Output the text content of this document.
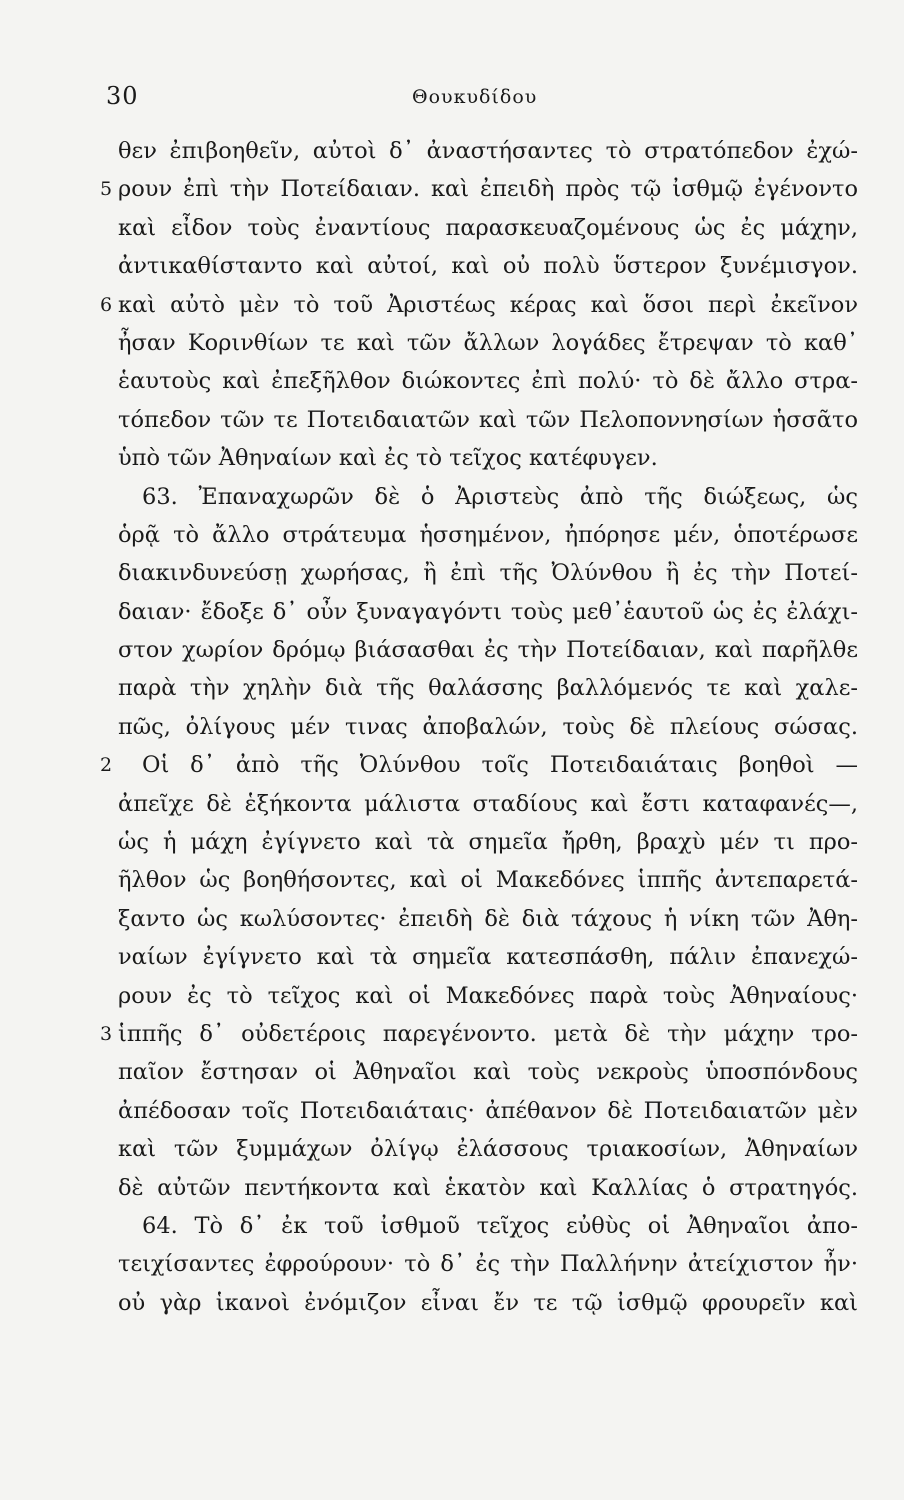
30	Θουκυδίδου
θεν ἐπιβοηθεῖν, αὐτοὶ δ᾽ ἀναστήσαντες τὸ στρατόπεδον ἐχώ-
ρουν ἐπὶ τὴν Ποτείδαιαν. καὶ ἐπειδὴ πρὸς τῷ ἰσθμῷ ἐγένοντο
καὶ εἶδον τοὺς ἐναντίους παρασκευαζομένους ὡς ἐς μάχην,
ἀντικαθίσταντο καὶ αὐτοί, καὶ οὐ πολὺ ὕστερον ξυνέμισγον.
καὶ αὐτὸ μὲν τὸ τοῦ Ἀριστέως κέρας καὶ ὅσοι περὶ ἐκεῖνον
ἦσαν Κορινθίων τε καὶ τῶν ἄλλων λογάδες ἔτρεψαν τὸ καθ᾽
ἑαυτοὺς καὶ ἐπεξῆλθον διώκοντες ἐπὶ πολύ· τὸ δὲ ἄλλο στρα-
τόπεδον τῶν τε Ποτειδαιατῶν καὶ τῶν Πελοποννησίων ἡσσᾶτο
ὑπὸ τῶν Ἀθηναίων καὶ ἐς τὸ τεῖχος κατέφυγεν.
63. Ἐπαναχωρῶν δὲ ὁ Ἀριστεὺς ἀπὸ τῆς διώξεως, ὡς
ὁρᾷ τὸ ἄλλο στράτευμα ἡσσημένον, ἠπόρησε μέν, ὁποτέρωσε
διακινδυνεύσῃ χωρήσας, ἢ ἐπὶ τῆς Ὀλύνθου ἢ ἐς τὴν Ποτεί-
δαιαν· ἔδοξε δ᾽ οὖν ξυναγαγόντι τοὺς μεθ᾽ἑαυτοῦ ὡς ἐς ἐλάχι-
στον χωρίον δρόμῳ βιάσασθαι ἐς τὴν Ποτείδαιαν, καὶ παρῆλθε
παρὰ τὴν χηλὴν διὰ τῆς θαλάσσης βαλλόμενός τε καὶ χαλε-
πῶς, ὀλίγους μέν τινας ἀποβαλών, τοὺς δὲ πλείους σώσας.
Οἱ δ᾽ ἀπὸ τῆς Ὀλύνθου τοῖς Ποτειδαιάταις βοηθοὶ —
ἀπεῖχε δὲ ἑξήκοντα μάλιστα σταδίους καὶ ἔστι καταφανές—,
ὡς ἡ μάχη ἐγίγνετο καὶ τὰ σημεῖα ἤρθη, βραχὺ μέν τι προ-
ῆλθον ὡς βοηθήσοντες, καὶ οἱ Μακεδόνες ἱππῆς ἀντεπαρετά-
ξαντο ὡς κωλύσοντες· ἐπειδὴ δὲ διὰ τάχους ἡ νίκη τῶν Ἀθη-
ναίων ἐγίγνετο καὶ τὰ σημεῖα κατεσπάσθη, πάλιν ἐπανεχώ-
ρουν ἐς τὸ τεῖχος καὶ οἱ Μακεδόνες παρὰ τοὺς Ἀθηναίους·
ἱππῆς δ᾽ οὐδετέροις παρεγένοντο. μετὰ δὲ τὴν μάχην τρο-
παῖον ἔστησαν οἱ Ἀθηναῖοι καὶ τοὺς νεκροὺς ὑποσπόνδους
ἀπέδοσαν τοῖς Ποτειδαιάταις· ἀπέθανον δὲ Ποτειδαιατῶν μὲν
καὶ τῶν ξυμμάχων ὀλίγῳ ἐλάσσους τριακοσίων, Ἀθηναίων
δὲ αὐτῶν πεντήκοντα καὶ ἑκατὸν καὶ Καλλίας ὁ στρατηγός.
64. Τὸ δ᾽ ἐκ τοῦ ἰσθμοῦ τεῖχος εὐθὺς οἱ Ἀθηναῖοι ἀπο-
τειχίσαντες ἐφρούρουν· τὸ δ᾽ ἐς τὴν Παλλήνην ἀτείχιστον ἦν·
οὐ γὰρ ἱκανοὶ ἐνόμιζον εἶναι ἔν τε τῷ ἰσθμῷ φρουρεῖν καὶ
5
6
2
3
